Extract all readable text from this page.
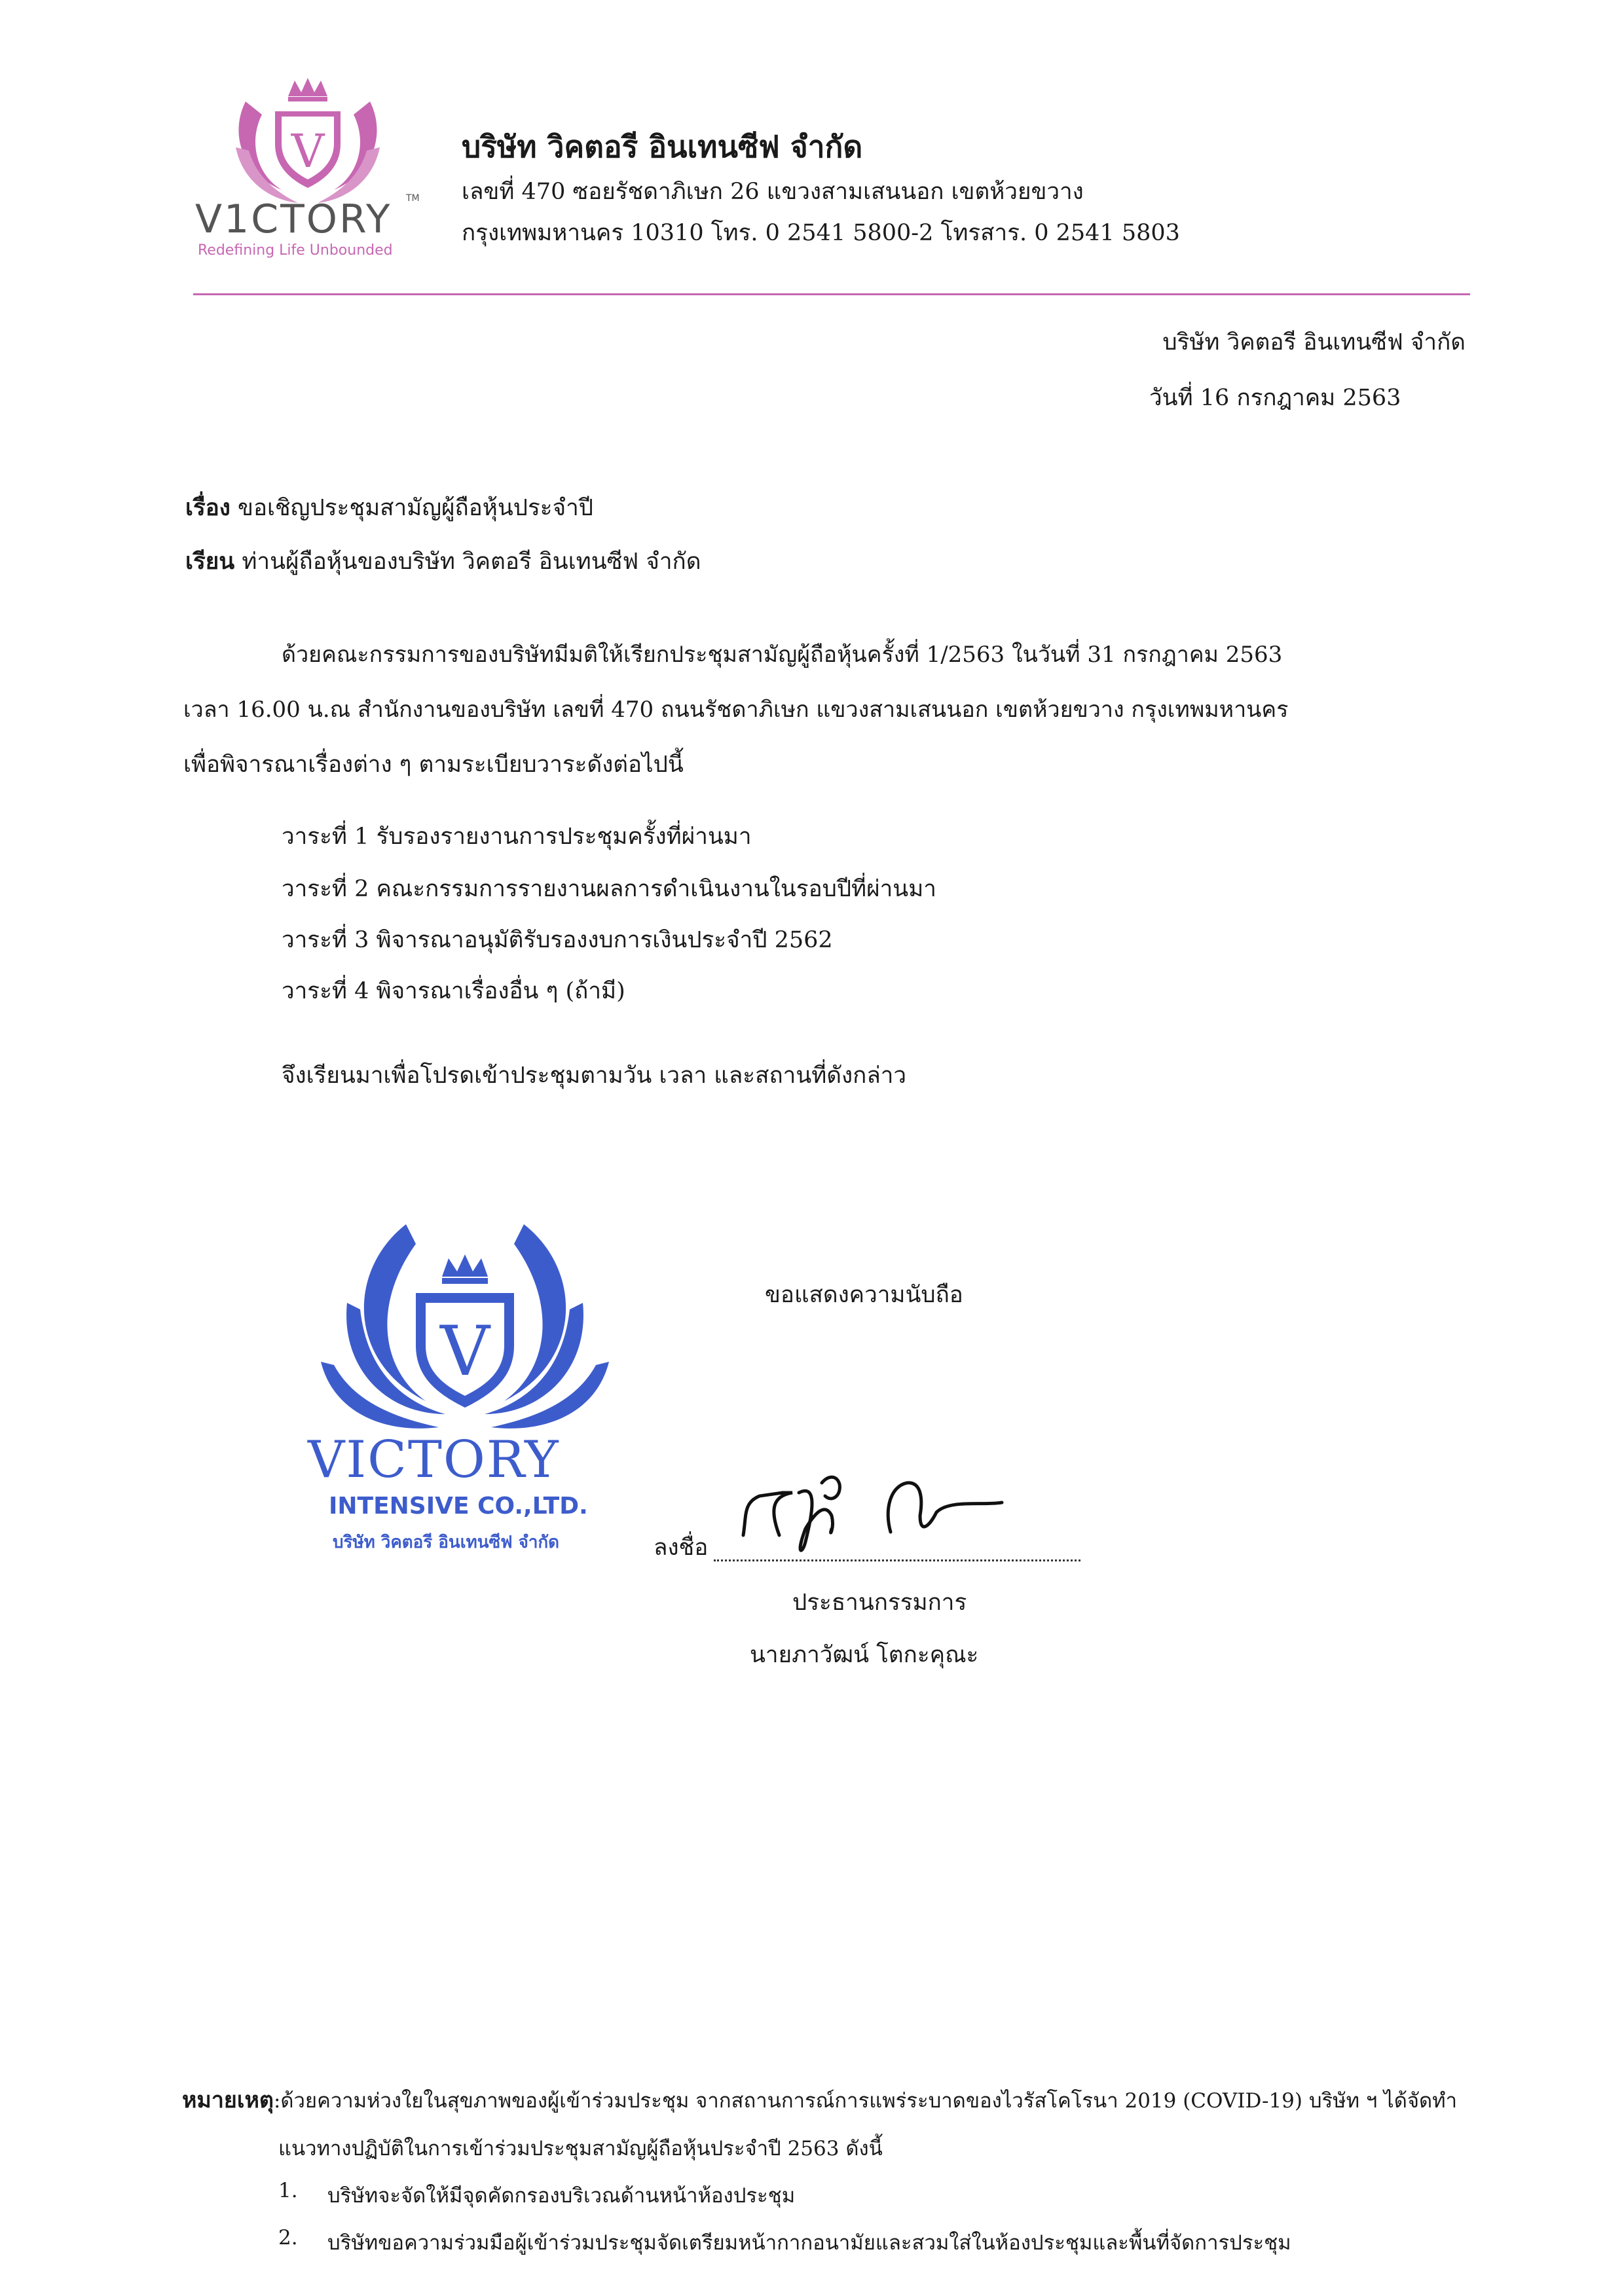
V
V1CTORY TM
Redefining Life Unbounded
บริษัท วิคตอรี อินเทนซีฟ จำกัด
เลขที่ 470 ซอยรัชดาภิเษก 26 แขวงสามเสนนอก เขตห้วยขวาง
กรุงเทพมหานคร 10310 โทร. 0 2541 5800-2 โทรสาร. 0 2541 5803
บริษัท วิคตอรี อินเทนซีฟ จำกัด
วันที่ 16 กรกฎาคม 2563
เรื่อง ขอเชิญประชุมสามัญผู้ถือหุ้นประจำปี
เรียน ท่านผู้ถือหุ้นของบริษัท วิคตอรี อินเทนซีฟ จำกัด
ด้วยคณะกรรมการของบริษัทมีมติให้เรียกประชุมสามัญผู้ถือหุ้นครั้งที่ 1/2563 ในวันที่ 31 กรกฎาคม 2563
เวลา 16.00 น.ณ สำนักงานของบริษัท เลขที่ 470 ถนนรัชดาภิเษก แขวงสามเสนนอก เขตห้วยขวาง กรุงเทพมหานคร
เพื่อพิจารณาเรื่องต่าง ๆ ตามระเบียบวาระดังต่อไปนี้
วาระที่ 1 รับรองรายงานการประชุมครั้งที่ผ่านมา
วาระที่ 2 คณะกรรมการรายงานผลการดำเนินงานในรอบปีที่ผ่านมา
วาระที่ 3 พิจารณาอนุมัติรับรองงบการเงินประจำปี 2562
วาระที่ 4 พิจารณาเรื่องอื่น ๆ (ถ้ามี)
จึงเรียนมาเพื่อโปรดเข้าประชุมตามวัน เวลา และสถานที่ดังกล่าว
V
VICTORY
INTENSIVE CO.,LTD.
บริษัท วิคตอรี อินเทนซีฟ จำกัด
ขอแสดงความนับถือ
ลงชื่อ
ประธานกรรมการ
นายภาวัฒน์ โตกะคุณะ
หมายเหตุ:ด้วยความห่วงใยในสุขภาพของผู้เข้าร่วมประชุม จากสถานการณ์การแพร่ระบาดของไวรัสโคโรนา 2019 (COVID-19) บริษัท ฯ ได้จัดทำ
แนวทางปฏิบัติในการเข้าร่วมประชุมสามัญผู้ถือหุ้นประจำปี 2563 ดังนี้
1. บริษัทจะจัดให้มีจุดคัดกรองบริเวณด้านหน้าห้องประชุม
2. บริษัทขอความร่วมมือผู้เข้าร่วมประชุมจัดเตรียมหน้ากากอนามัยและสวมใส่ในห้องประชุมและพื้นที่จัดการประชุม
